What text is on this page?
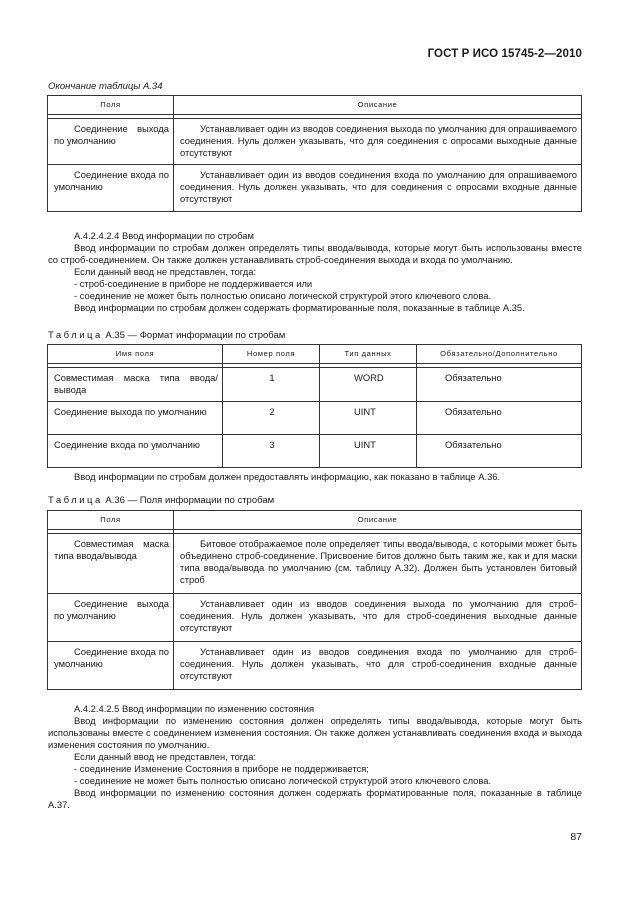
ГОСТ Р ИСО 15745-2—2010
Окончание таблицы А.34
Поля	Описание

Соединение выхода по умолчанию	Устанавливает один из вводов соединения выхода по умолчанию для опрашиваемого соединения. Нуль должен указывать, что для соединения с опросами выходные данные отсутствуют

Соединение входа по умолчанию	Устанавливает один из вводов соединения входа по умолчанию для опрашиваемого соединения. Нуль должен указывать, что для соединения с опросами входные данные отсутствуют

А.4.2.4.2.4 Ввод информации по стробам

Ввод информации по стробам должен определять типы ввода/вывода, которые могут быть использованы вместе со строб-соединением. Он также должен устанавливать строб-соединения выхода и входа по умолчанию.

Если данный ввод не представлен, тогда:

- строб-соединение в приборе не поддерживается или

- соединение не может быть полностью описано логической структурой этого ключевого слова.

Ввод информации по стробам должен содержать форматированные поля, показанные в таблице А.35.

Таблица А.35 — Формат информации по стробам
Имя поля	Номер поля	Тип данных	Обязательно/Дополнительно

Совместимая маска типа ввода/вывода	1	WORD	Обязательно
Соединение выхода по умолчанию	2	UINT	Обязательно
Соединение входа по умолчанию	3	UINT	Обязательно

Ввод информации по стробам должен предоставлять информацию, как показано в таблице А.36.

Таблица А.36 — Поля информации по стробам
Поля	Описание

Совместимая маска типа ввода/вывода	Битовое отображаемое поле определяет типы ввода/вывода, с которыми может быть объединено строб-соединение. Присвоение битов должно быть таким же, как и для маски типа ввода/вывода по умолчанию (см. таблицу А.32). Должен быть установлен битовый строб

Соединение выхода по умолчанию	Устанавливает один из вводов соединения выхода по умолчанию для строб-соединения. Нуль должен указывать, что для строб-соединения выходные данные отсутствуют

Соединение входа по умолчанию	Устанавливает один из вводов соединения входа по умолчанию для строб-соединения. Нуль должен указывать, что для строб-соединения входные данные отсутствуют

А.4.2.4.2.5 Ввод информации по изменению состояния

Ввод информации по изменению состояния должен определять типы ввода/вывода, которые могут быть использованы вместе с соединением изменения состояния. Он также должен устанавливать соединения входа и выхода изменения состояния по умолчанию.

Если данный ввод не представлен, тогда:

- соединение Изменение Состояния в приборе не поддерживается;

- соединение не может быть полностью описано логической структурой этого ключевого слова.

Ввод информации по изменению состояния должен содержать форматированные поля, показанные в таблице А.37.

87
